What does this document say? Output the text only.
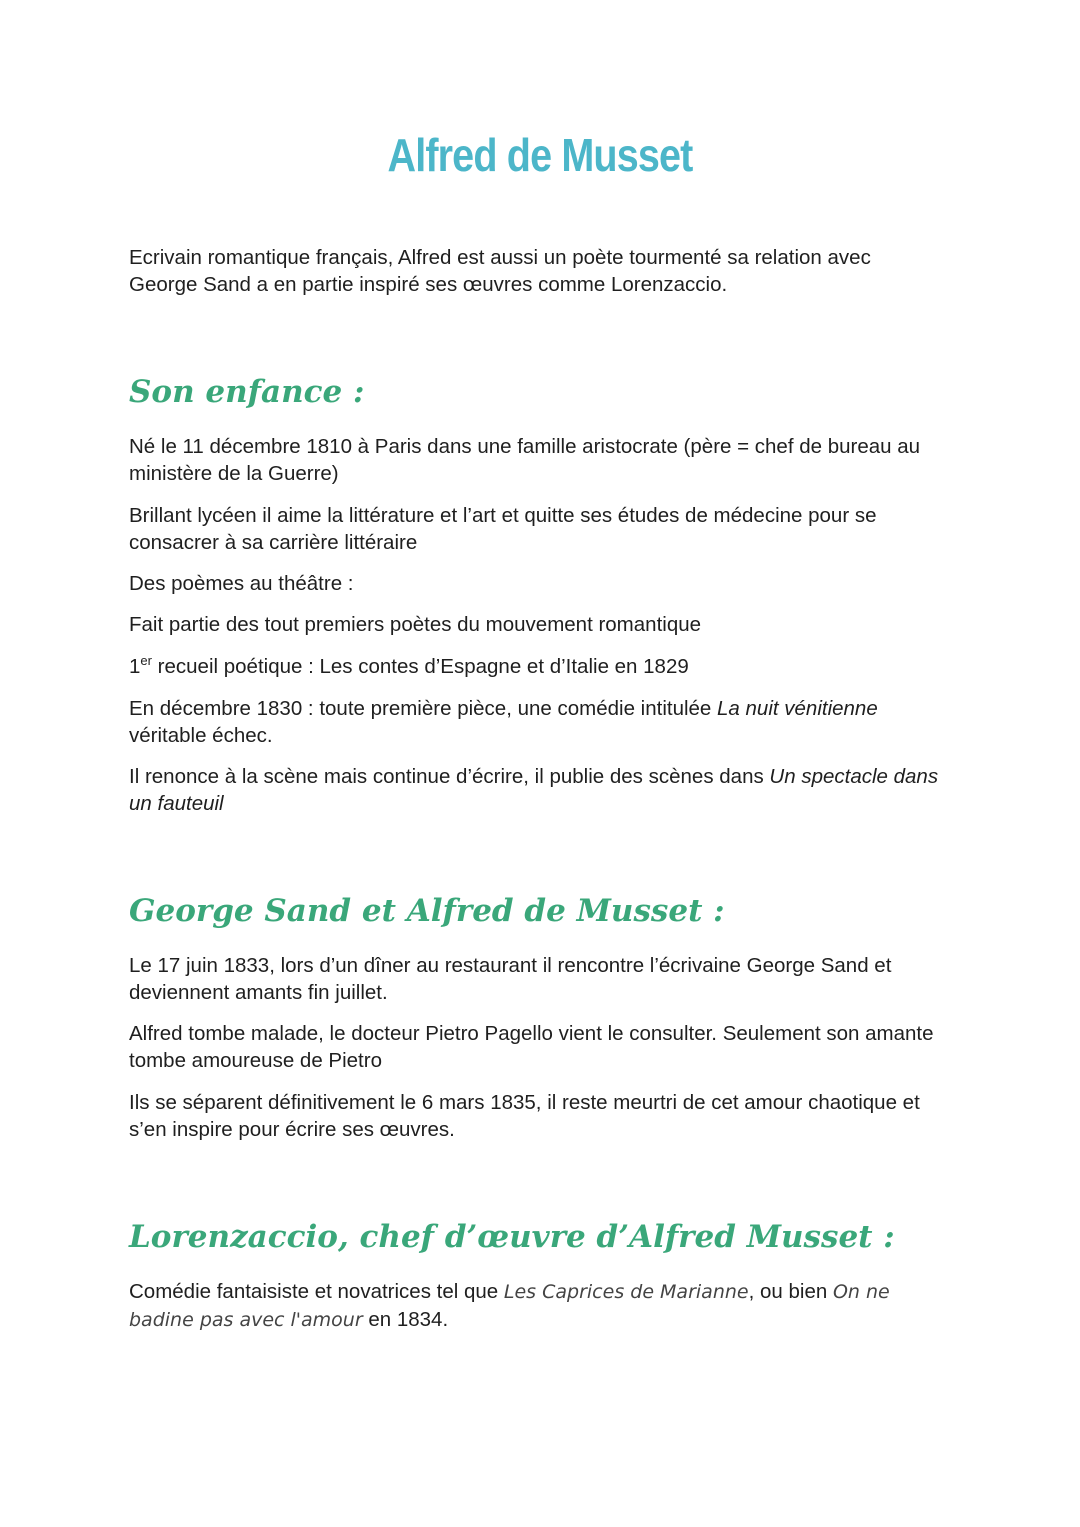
Alfred de Musset

Ecrivain romantique français, Alfred est aussi un poète tourmenté sa relation avec
George Sand a en partie inspiré ses œuvres comme Lorenzaccio.

Son enfance :

Né le 11 décembre 1810 à Paris dans une famille aristocrate (père = chef de bureau au ministère de la Guerre)

Brillant lycéen il aime la littérature et l’art et quitte ses études de médecine pour se consacrer à sa carrière littéraire

Des poèmes au théâtre :

Fait partie des tout premiers poètes du mouvement romantique

1er recueil poétique : Les contes d’Espagne et d’Italie en 1829

En décembre 1830 : toute première pièce, une comédie intitulée La nuit vénitienne
véritable échec.

Il renonce à la scène mais continue d’écrire, il publie des scènes dans Un spectacle dans un fauteuil

George Sand et Alfred de Musset :

Le 17 juin 1833, lors d’un dîner au restaurant il rencontre l’écrivaine George Sand et deviennent amants fin juillet.

Alfred tombe malade, le docteur Pietro Pagello vient le consulter. Seulement son amante tombe amoureuse de Pietro

Ils se séparent définitivement le 6 mars 1835, il reste meurtri de cet amour chaotique et s’en inspire pour écrire ses œuvres.

Lorenzaccio, chef d’œuvre d’Alfred Musset :

Comédie fantaisiste et novatrices tel que Les Caprices de Marianne, ou bien On ne badine pas avec l'amour en 1834.
